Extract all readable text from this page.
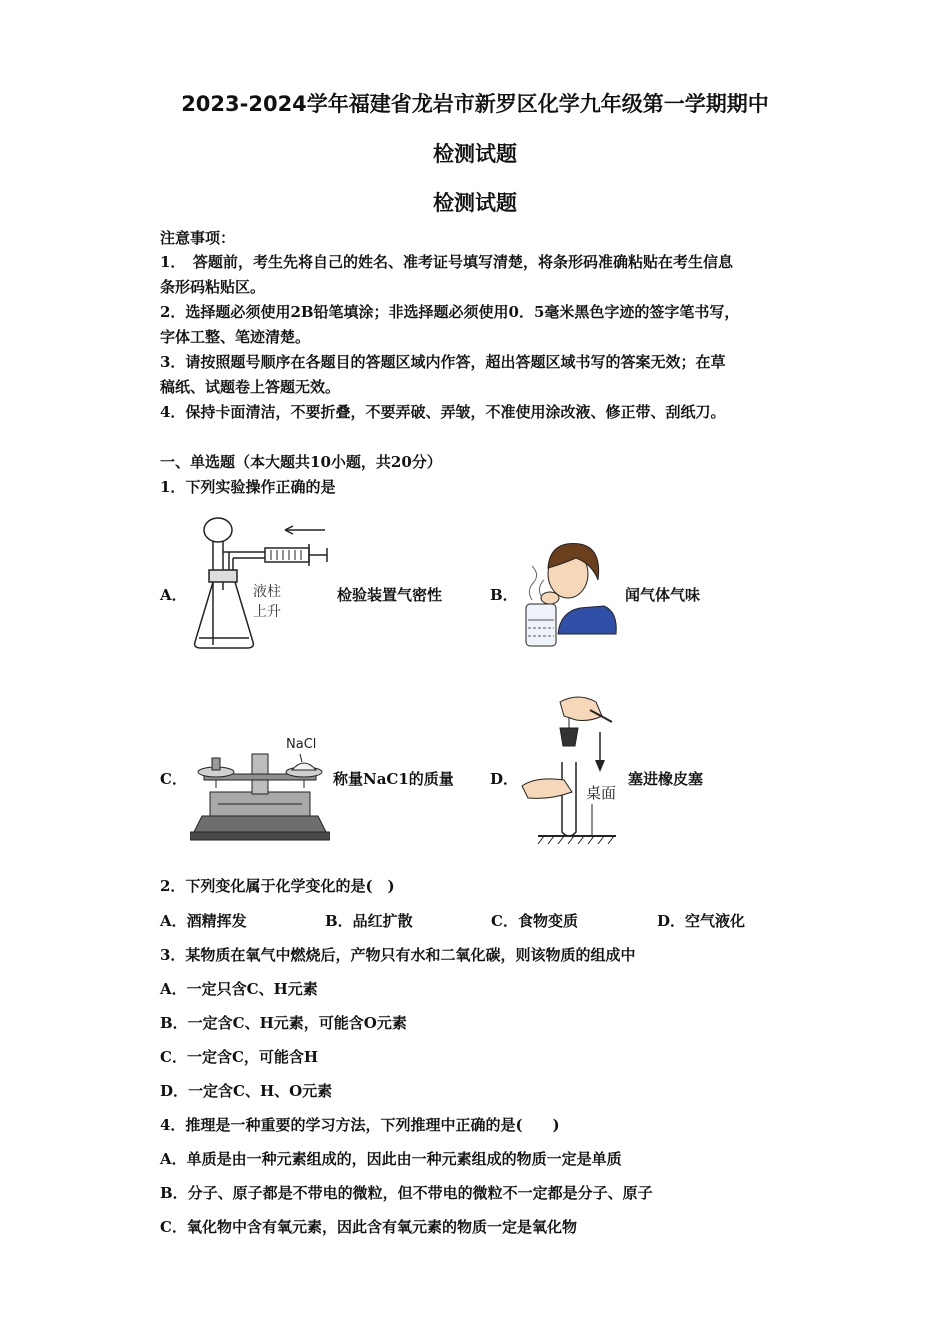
2023-2024学年福建省龙岩市新罗区化学九年级第一学期期中
检测试题
检测试题
注意事项：
1．　答题前，考生先将自己的姓名、准考证号填写清楚，将条形码准确粘贴在考生信息
条形码粘贴区。
2．选择题必须使用2B铅笔填涂；非选择题必须使用0．5毫米黑色字迹的签字笔书写，
字体工整、笔迹清楚。
3．请按照题号顺序在各题目的答题区域内作答，超出答题区域书写的答案无效；在草
稿纸、试题卷上答题无效。
4．保持卡面清洁，不要折叠，不要弄破、弄皱，不准使用涂改液、修正带、刮纸刀。
一、单选题（本大题共10小题，共20分）
1．下列实验操作正确的是
A．	液柱
上升
检验装置气密性	B．	闻气体气味
C．
NaCl
称量NaC1的质量 D．
桌面
塞进橡皮塞
2．下列变化属于化学变化的是(　)
A．酒精挥发	B．品红扩散	C．食物变质	D．空气液化
3．某物质在氧气中燃烧后，产物只有水和二氧化碳，则该物质的组成中
A．一定只含C、H元素
B．一定含C、H元素，可能含O元素
C．一定含C，可能含H
D．一定含C、H、O元素
4．推理是一种重要的学习方法，下列推理中正确的是(　　)
A．单质是由一种元素组成的，因此由一种元素组成的物质一定是单质
B．分子、原子都是不带电的微粒，但不带电的微粒不一定都是分子、原子
C．氧化物中含有氧元素，因此含有氧元素的物质一定是氧化物
